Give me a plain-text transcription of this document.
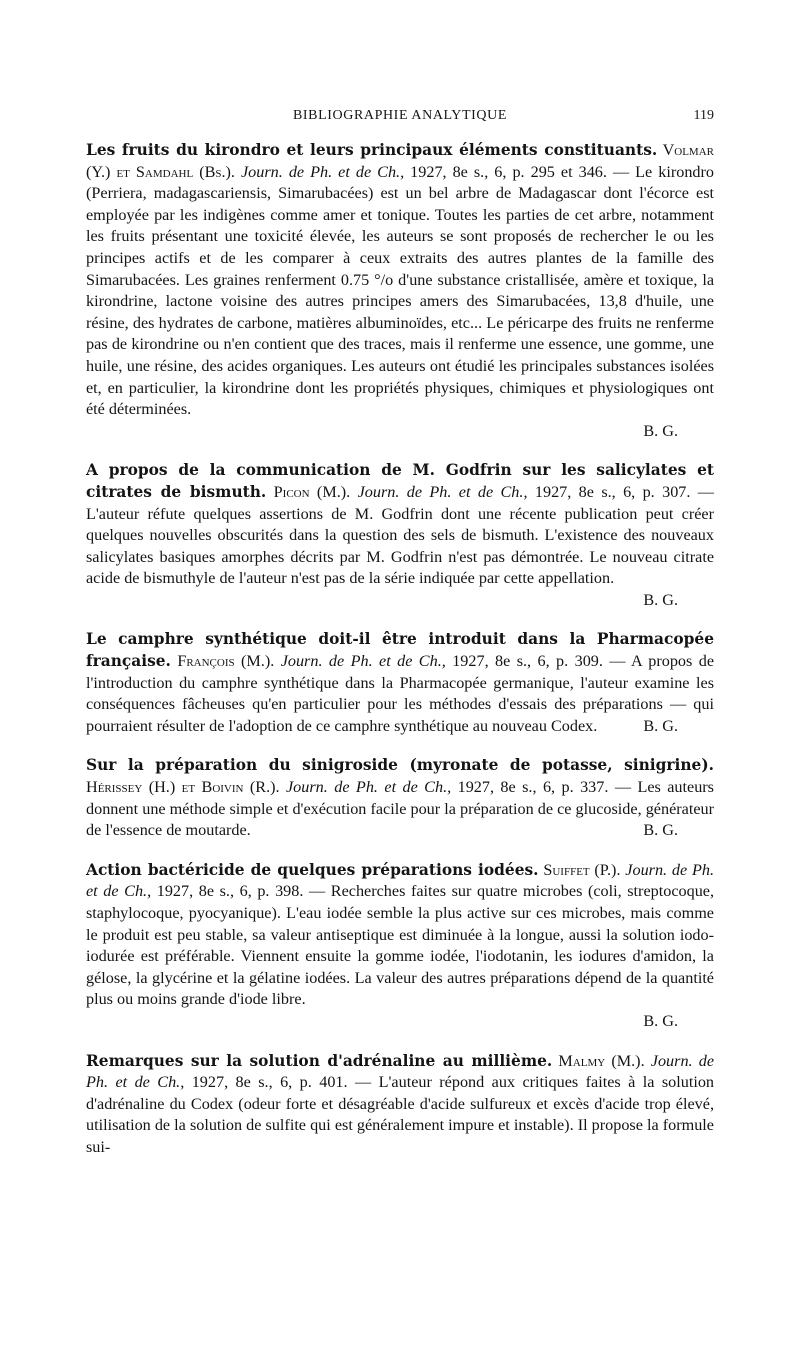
BIBLIOGRAPHIE ANALYTIQUE	119
Les fruits du kirondro et leurs principaux éléments constituants. Volmar (Y.) et Samdahl (Bs.). Journ. de Ph. et de Ch., 1927, 8e s., 6, p. 295 et 346. — Le kirondro (Perriera, madagascariensis, Simarubacées) est un bel arbre de Madagascar dont l'écorce est employée par les indigènes comme amer et tonique. Toutes les parties de cet arbre, notamment les fruits présentant une toxicité élevée, les auteurs se sont proposés de rechercher le ou les principes actifs et de les comparer à ceux extraits des autres plantes de la famille des Simarubacées. Les graines renferment 0.75 °/o d'une substance cristallisée, amère et toxique, la kirondrine, lactone voisine des autres principes amers des Simarubacées, 13,8 d'huile, une résine, des hydrates de carbone, matières albuminoïdes, etc... Le péricarpe des fruits ne renferme pas de kirondrine ou n'en contient que des traces, mais il renferme une essence, une gomme, une huile, une résine, des acides organiques. Les auteurs ont étudié les principales substances isolées et, en particulier, la kirondrine dont les propriétés physiques, chimiques et physiologiques ont été déterminées.
B. G.
A propos de la communication de M. Godfrin sur les salicylates et citrates de bismuth. Picon (M.). Journ. de Ph. et de Ch., 1927, 8e s., 6, p. 307. — L'auteur réfute quelques assertions de M. Godfrin dont une récente publication peut créer quelques nouvelles obscurités dans la question des sels de bismuth. L'existence des nouveaux salicylates basiques amorphes décrits par M. Godfrin n'est pas démontrée. Le nouveau citrate acide de bismuthyle de l'auteur n'est pas de la série indiquée par cette appellation.
B. G.
Le camphre synthétique doit-il être introduit dans la Pharmacopée française. François (M.). Journ. de Ph. et de Ch., 1927, 8e s., 6, p. 309. — A propos de l'introduction du camphre synthétique dans la Pharmacopée germanique, l'auteur examine les conséquences fâcheuses qu'en particulier pour les méthodes d'essais des préparations — qui pourraient résulter de l'adoption de ce camphre synthétique au nouveau Codex.	B. G.
Sur la préparation du sinigroside (myronate de potasse, sinigrine). Hérissey (H.) et Boivin (R.). Journ. de Ph. et de Ch., 1927, 8e s., 6, p. 337. — Les auteurs donnent une méthode simple et d'exécution facile pour la préparation de ce glucoside, générateur de l'essence de moutarde.	B. G.
Action bactéricide de quelques préparations iodées. Suiffet (P.). Journ. de Ph. et de Ch., 1927, 8e s., 6, p. 398. — Recherches faites sur quatre microbes (coli, streptocoque, staphylocoque, pyocyanique). L'eau iodée semble la plus active sur ces microbes, mais comme le produit est peu stable, sa valeur antiseptique est diminuée à la longue, aussi la solution iodo-iodurée est préférable. Viennent ensuite la gomme iodée, l'iodotanin, les iodures d'amidon, la gélose, la glycérine et la gélatine iodées. La valeur des autres préparations dépend de la quantité plus ou moins grande d'iode libre.
B. G.
Remarques sur la solution d'adrénaline au millième. Malmy (M.). Journ. de Ph. et de Ch., 1927, 8e s., 6, p. 401. — L'auteur répond aux critiques faites à la solution d'adrénaline du Codex (odeur forte et désagréable d'acide sulfureux et excès d'acide trop élevé, utilisation de la solution de sulfite qui est généralement impure et instable). Il propose la formule sui-
